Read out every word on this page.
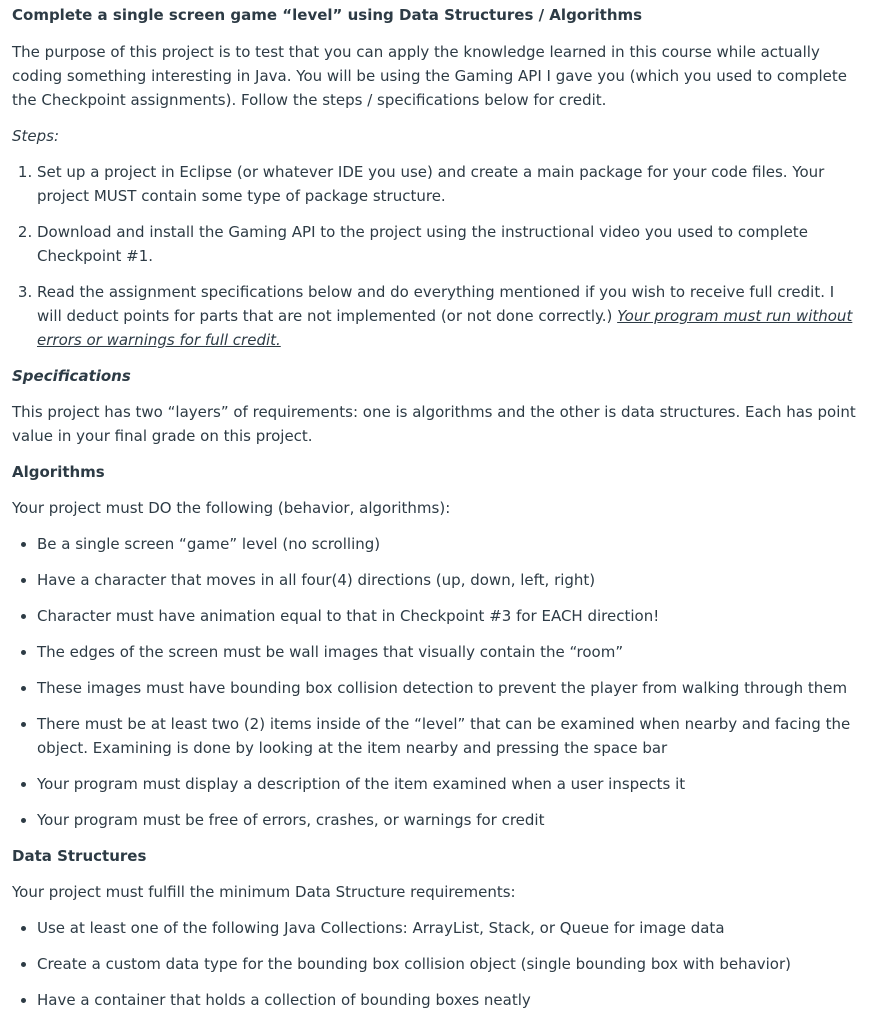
Complete a single screen game “level” using Data Structures / Algorithms

The purpose of this project is to test that you can apply the knowledge learned in this course while actually coding something interesting in Java. You will be using the Gaming API I gave you (which you used to complete the Checkpoint assignments). Follow the steps / specifications below for credit.

Steps:

1. Set up a project in Eclipse (or whatever IDE you use) and create a main package for your code files. Your project MUST contain some type of package structure.
2. Download and install the Gaming API to the project using the instructional video you used to complete Checkpoint #1.
3. Read the assignment specifications below and do everything mentioned if you wish to receive full credit. I will deduct points for parts that are not implemented (or not done correctly.) Your program must run without errors or warnings for full credit.

Specifications

This project has two “layers” of requirements: one is algorithms and the other is data structures. Each has point value in your final grade on this project.

Algorithms

Your project must DO the following (behavior, algorithms):

• Be a single screen “game” level (no scrolling)
• Have a character that moves in all four(4) directions (up, down, left, right)
• Character must have animation equal to that in Checkpoint #3 for EACH direction!
• The edges of the screen must be wall images that visually contain the “room”
• These images must have bounding box collision detection to prevent the player from walking through them
• There must be at least two (2) items inside of the “level” that can be examined when nearby and facing the object. Examining is done by looking at the item nearby and pressing the space bar
• Your program must display a description of the item examined when a user inspects it
• Your program must be free of errors, crashes, or warnings for credit

Data Structures

Your project must fulfill the minimum Data Structure requirements:

• Use at least one of the following Java Collections: ArrayList, Stack, or Queue for image data
• Create a custom data type for the bounding box collision object (single bounding box with behavior)
• Have a container that holds a collection of bounding boxes neatly
